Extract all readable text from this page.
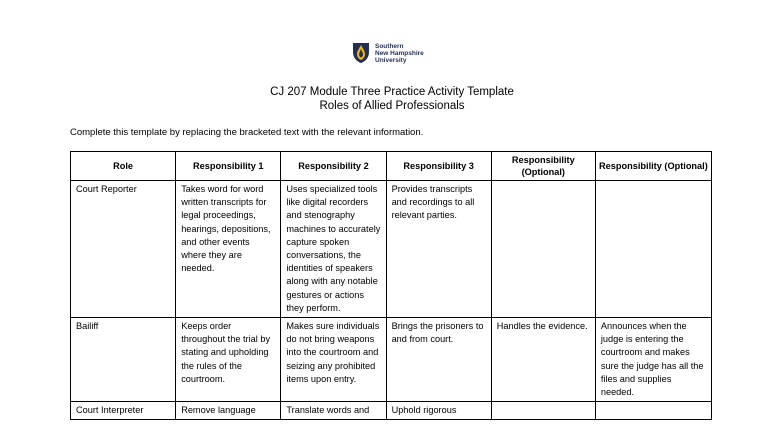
Southern
New Hampshire
University
CJ 207 Module Three Practice Activity Template
Roles of Allied Professionals
Complete this template by replacing the bracketed text with the relevant information.
Role	Responsibility 1	Responsibility 2	Responsibility 3	Responsibility (Optional)	Responsibility (Optional)
Court Reporter	Takes word for word written transcripts for legal proceedings, hearings, depositions, and other events where they are needed.	Uses specialized tools like digital recorders and stenography machines to accurately capture spoken conversations, the identities of speakers along with any notable gestures or actions they perform.	Provides transcripts and recordings to all relevant parties.		
Bailiff	Keeps order throughout the trial by stating and upholding the rules of the courtroom.	Makes sure individuals do not bring weapons into the courtroom and seizing any prohibited items upon entry.	Brings the prisoners to and from court.	Handles the evidence.	Announces when the judge is entering the courtroom and makes sure the judge has all the files and supplies needed.
Court Interpreter	Remove language	Translate words and	Uphold rigorous		
